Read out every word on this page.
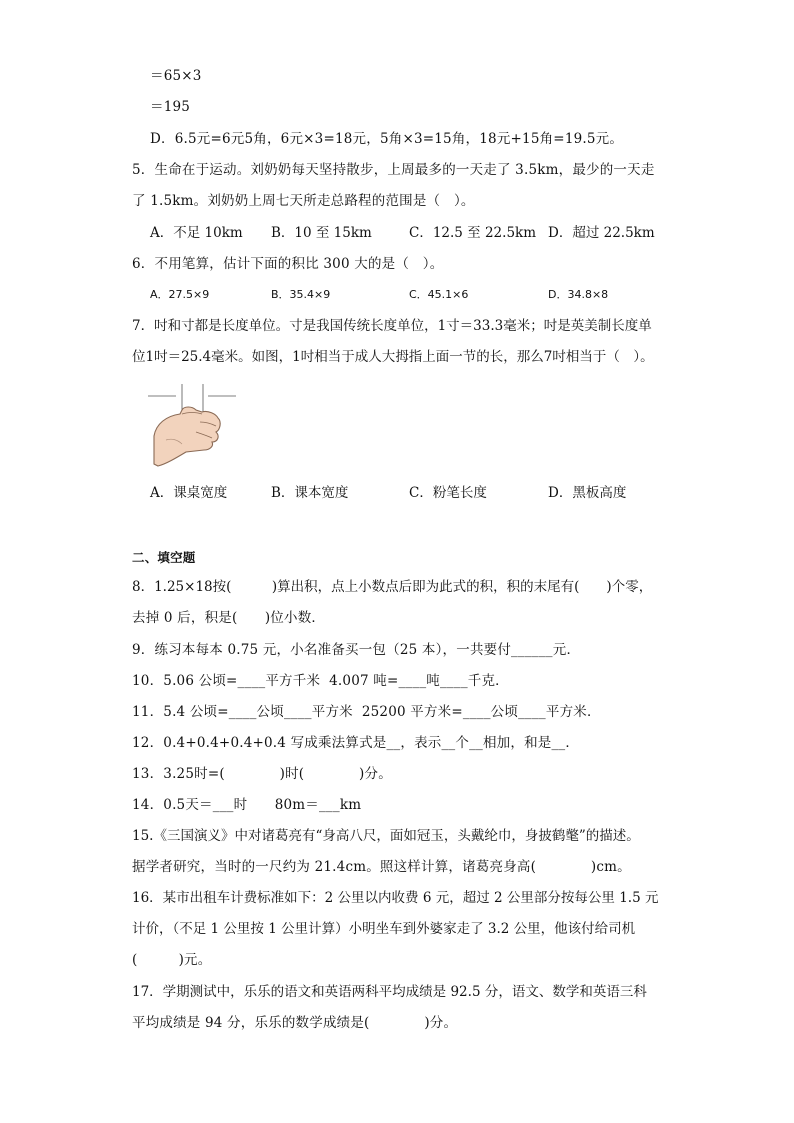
＝65×3
＝195
D．6.5元=6元5角，6元×3=18元，5角×3=15角，18元+15角=19.5元。
5．生命在于运动。刘奶奶每天坚持散步，上周最多的一天走了 3.5km，最少的一天走
了 1.5km。刘奶奶上周七天所走总路程的范围是（　）。
A．不足 10km B．10 至 15km	C．12.5 至 22.5km D．超过 22.5km
6．不用笔算，估计下面的积比 300 大的是（　）。
A．27.5×9	B．35.4×9	C．45.1×6	D．34.8×8
7．吋和寸都是长度单位。寸是我国传统长度单位，1寸＝33.3毫米；吋是英美制长度单
位1吋＝25.4毫米。如图，1吋相当于成人大拇指上面一节的长，那么7吋相当于（　）。
A．课桌宽度	B．课本宽度	C．粉笔长度	D．黑板高度
二、填空题
8．1.25×18按(　　　)算出积，点上小数点后即为此式的积，积的末尾有(　　)个零，
去掉 0 后，积是(　　)位小数．
9．练习本每本 0.75 元，小名准备买一包（25 本），一共要付______元．
10．5.06 公顷=____平方千米  4.007 吨=____吨____千克．
11．5.4 公顷=____公顷____平方米  25200 平方米=____公顷____平方米．
12．0.4+0.4+0.4+0.4 写成乘法算式是__，表示__个__相加，和是__．
13．3.25时=(　　　　)时(　　　　)分。
14．0.5天＝___时　　80m＝___km
15.《三国演义》中对诸葛亮有“身高八尺，面如冠玉，头戴纶巾，身披鹤氅”的描述。
据学者研究，当时的一尺约为 21.4cm。照这样计算，诸葛亮身高(　　　　)cm。
16．某市出租车计费标准如下：2 公里以内收费 6 元，超过 2 公里部分按每公里 1.5 元
计价，（不足 1 公里按 1 公里计算）小明坐车到外婆家走了 3.2 公里，他该付给司机
(　　　)元。
17．学期测试中，乐乐的语文和英语两科平均成绩是 92.5 分，语文、数学和英语三科
平均成绩是 94 分，乐乐的数学成绩是(　　　　)分。
